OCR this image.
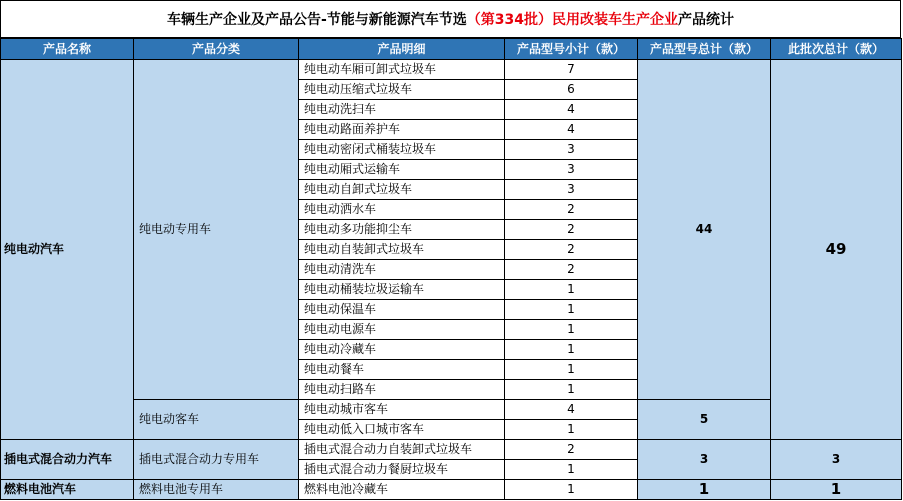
车辆生产企业及产品公告-节能与新能源汽车节选 （第334批）民用改装车生产企业 产品统计
产品名称	产品分类	产品明细	产品型号小计（款）	产品型号总计（款）	此批次总计（款）
纯电动汽车	纯电动专用车	纯电动车厢可卸式垃圾车	7	44	49
		纯电动压缩式垃圾车	6		
		纯电动洗扫车	4		
		纯电动路面养护车	4		
		纯电动密闭式桶装垃圾车	3		
		纯电动厢式运输车	3		
		纯电动自卸式垃圾车	3		
		纯电动洒水车	2		
		纯电动多功能抑尘车	2		
		纯电动自装卸式垃圾车	2		
		纯电动清洗车	2		
		纯电动桶装垃圾运输车	1		
		纯电动保温车	1		
		纯电动电源车	1		
		纯电动冷藏车	1		
		纯电动餐车	1		
		纯电动扫路车	1		
	纯电动客车	纯电动城市客车	4	5	
		纯电动低入口城市客车	1		
插电式混合动力汽车	插电式混合动力专用车	插电式混合动力自装卸式垃圾车	2	3	3
		插电式混合动力餐厨垃圾车	1		
燃料电池汽车	燃料电池专用车	燃料电池冷藏车	1	1	1
